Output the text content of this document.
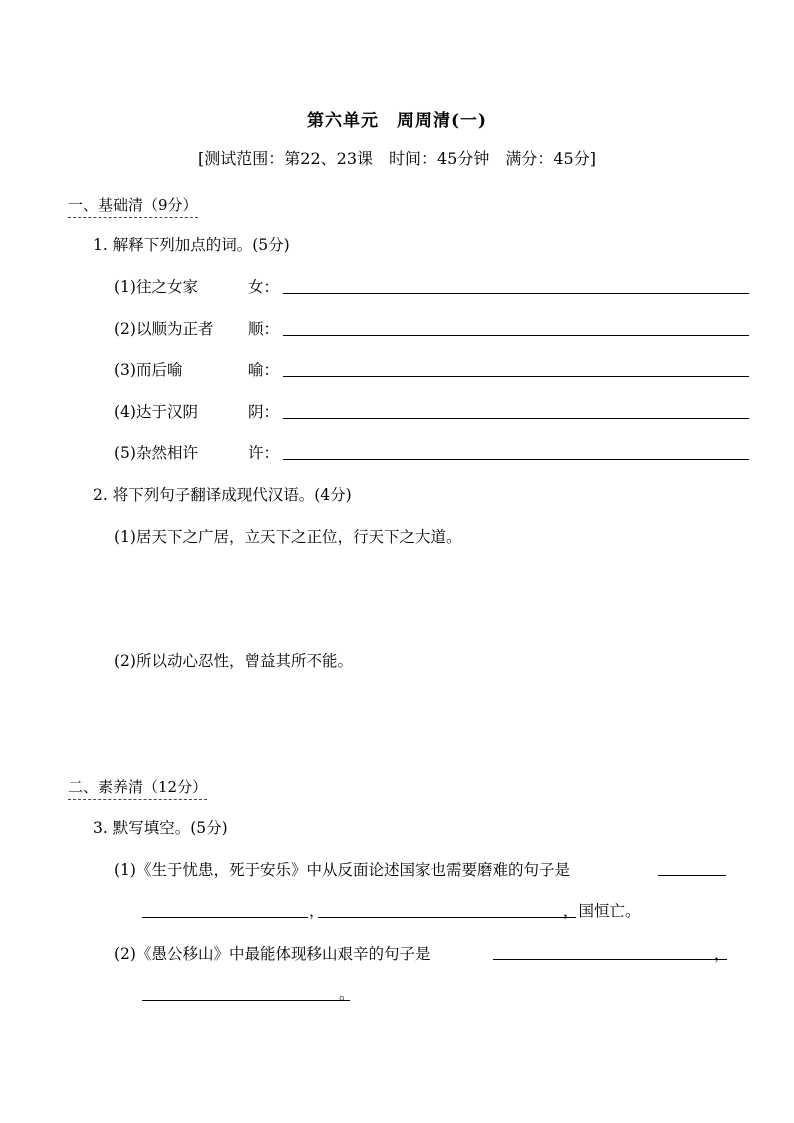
第六单元　周周清(一)
[测试范围：第22、23课　时间：45分钟　满分：45分]
一、基础清（9分）
1. 解释下列加点的词。(5分)
(1)往之女家	女：
(2)以顺为正者 顺：
(3)而后喻	喻：
(4)达于汉阴	阴：
(5)杂然相许	许：
2. 将下列句子翻译成现代汉语。(4分)
(1)居天下之广居，立天下之正位，行天下之大道。
(2)所以动心忍性，曾益其所不能。
二、素养清（12分）
3. 默写填空。(5分)
(1)《生于忧患，死于安乐》中从反面论述国家也需要磨难的句子是
，	，国恒亡。
(2)《愚公移山》中最能体现移山艰辛的句子是	，
。
